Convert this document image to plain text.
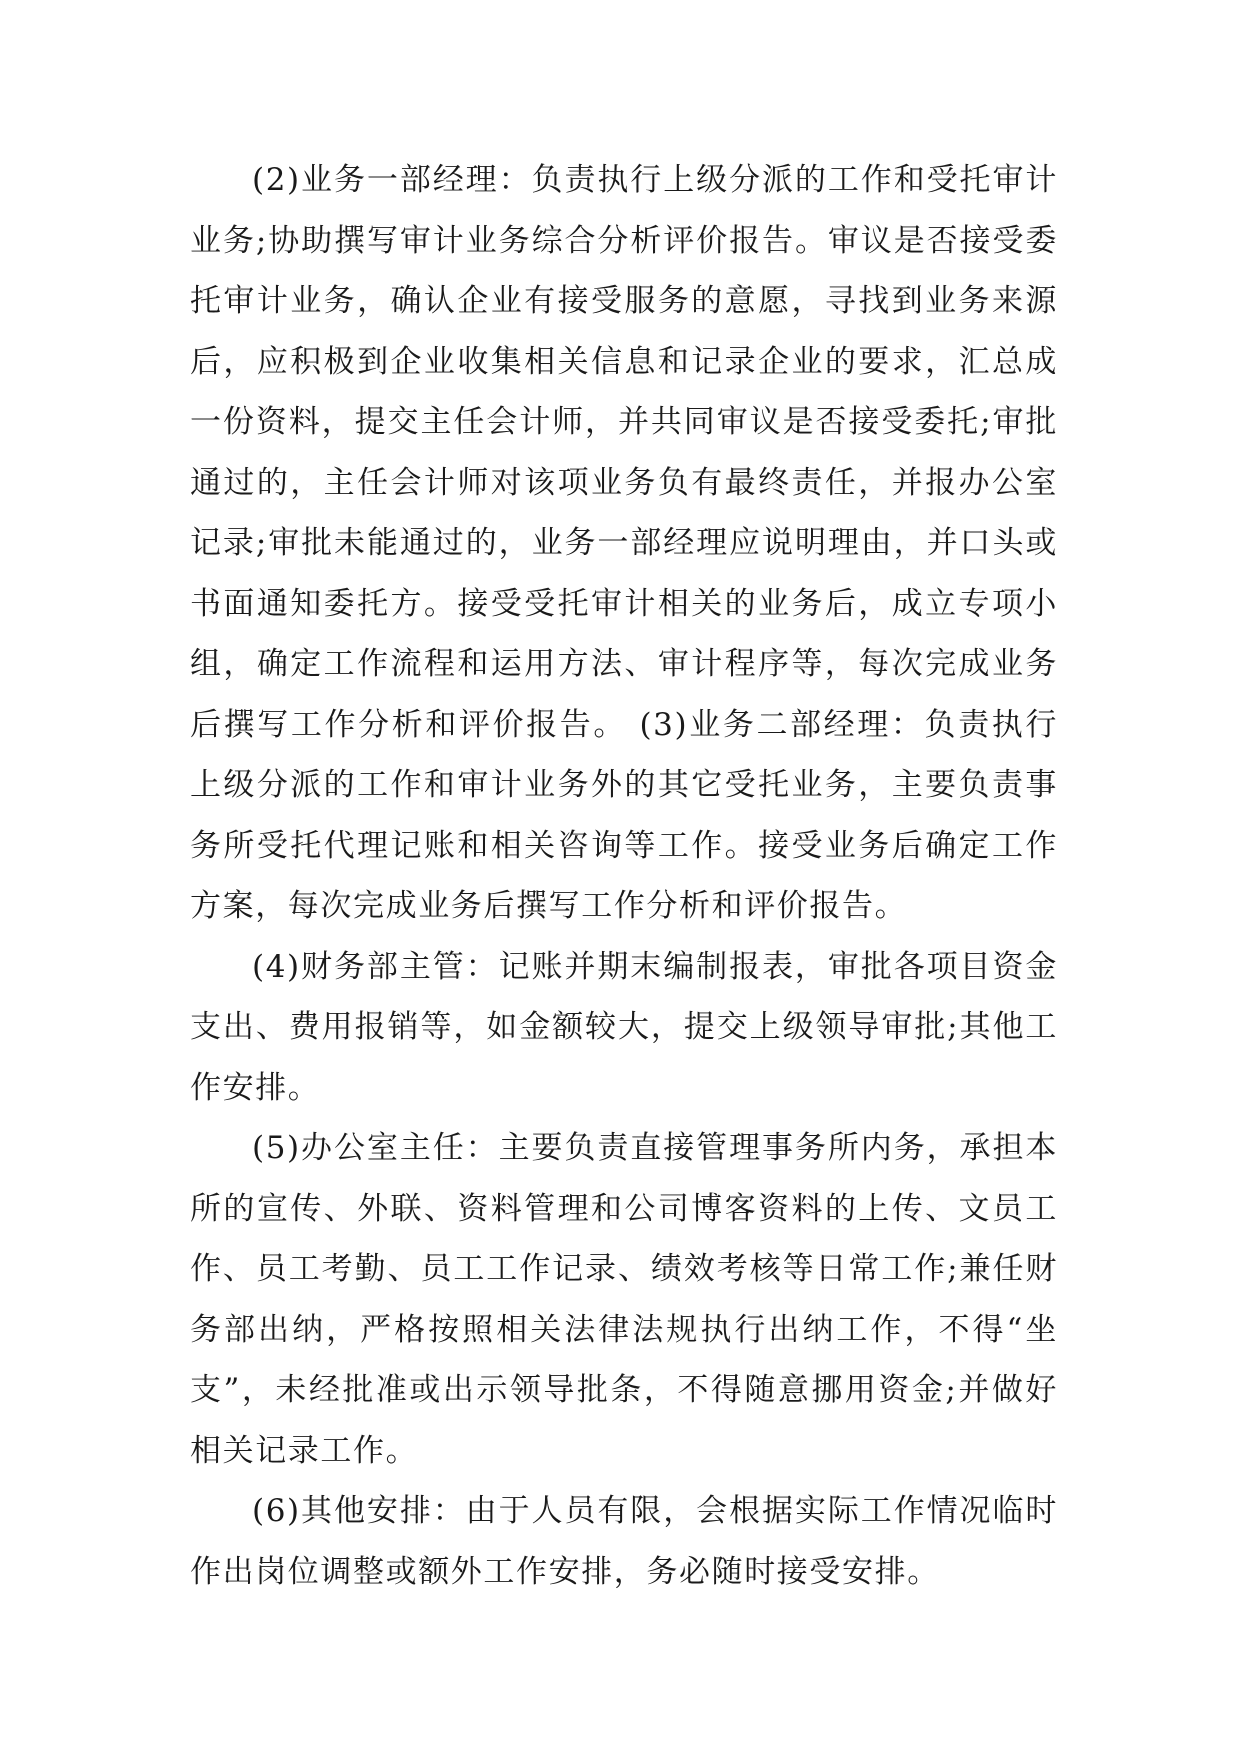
(2)业务一部经理：负责执行上级分派的工作和受托审计业务;协助撰写审计业务综合分析评价报告。审议是否接受委托审计业务，确认企业有接受服务的意愿，寻找到业务来源后，应积极到企业收集相关信息和记录企业的要求，汇总成一份资料，提交主任会计师，并共同审议是否接受委托;审批通过的，主任会计师对该项业务负有最终责任，并报办公室记录;审批未能通过的，业务一部经理应说明理由，并口头或书面通知委托方。接受受托审计相关的业务后，成立专项小组，确定工作流程和运用方法、审计程序等，每次完成业务后撰写工作分析和评价报告。 (3)业务二部经理：负责执行上级分派的工作和审计业务外的其它受托业务，主要负责事务所受托代理记账和相关咨询等工作。接受业务后确定工作方案，每次完成业务后撰写工作分析和评价报告。

(4)财务部主管：记账并期末编制报表，审批各项目资金支出、费用报销等，如金额较大，提交上级领导审批;其他工作安排。

(5)办公室主任：主要负责直接管理事务所内务，承担本所的宣传、外联、资料管理和公司博客资料的上传、文员工作、员工考勤、员工工作记录、绩效考核等日常工作;兼任财务部出纳，严格按照相关法律法规执行出纳工作，不得“坐支”，未经批准或出示领导批条，不得随意挪用资金;并做好相关记录工作。

(6)其他安排：由于人员有限，会根据实际工作情况临时作出岗位调整或额外工作安排，务必随时接受安排。
